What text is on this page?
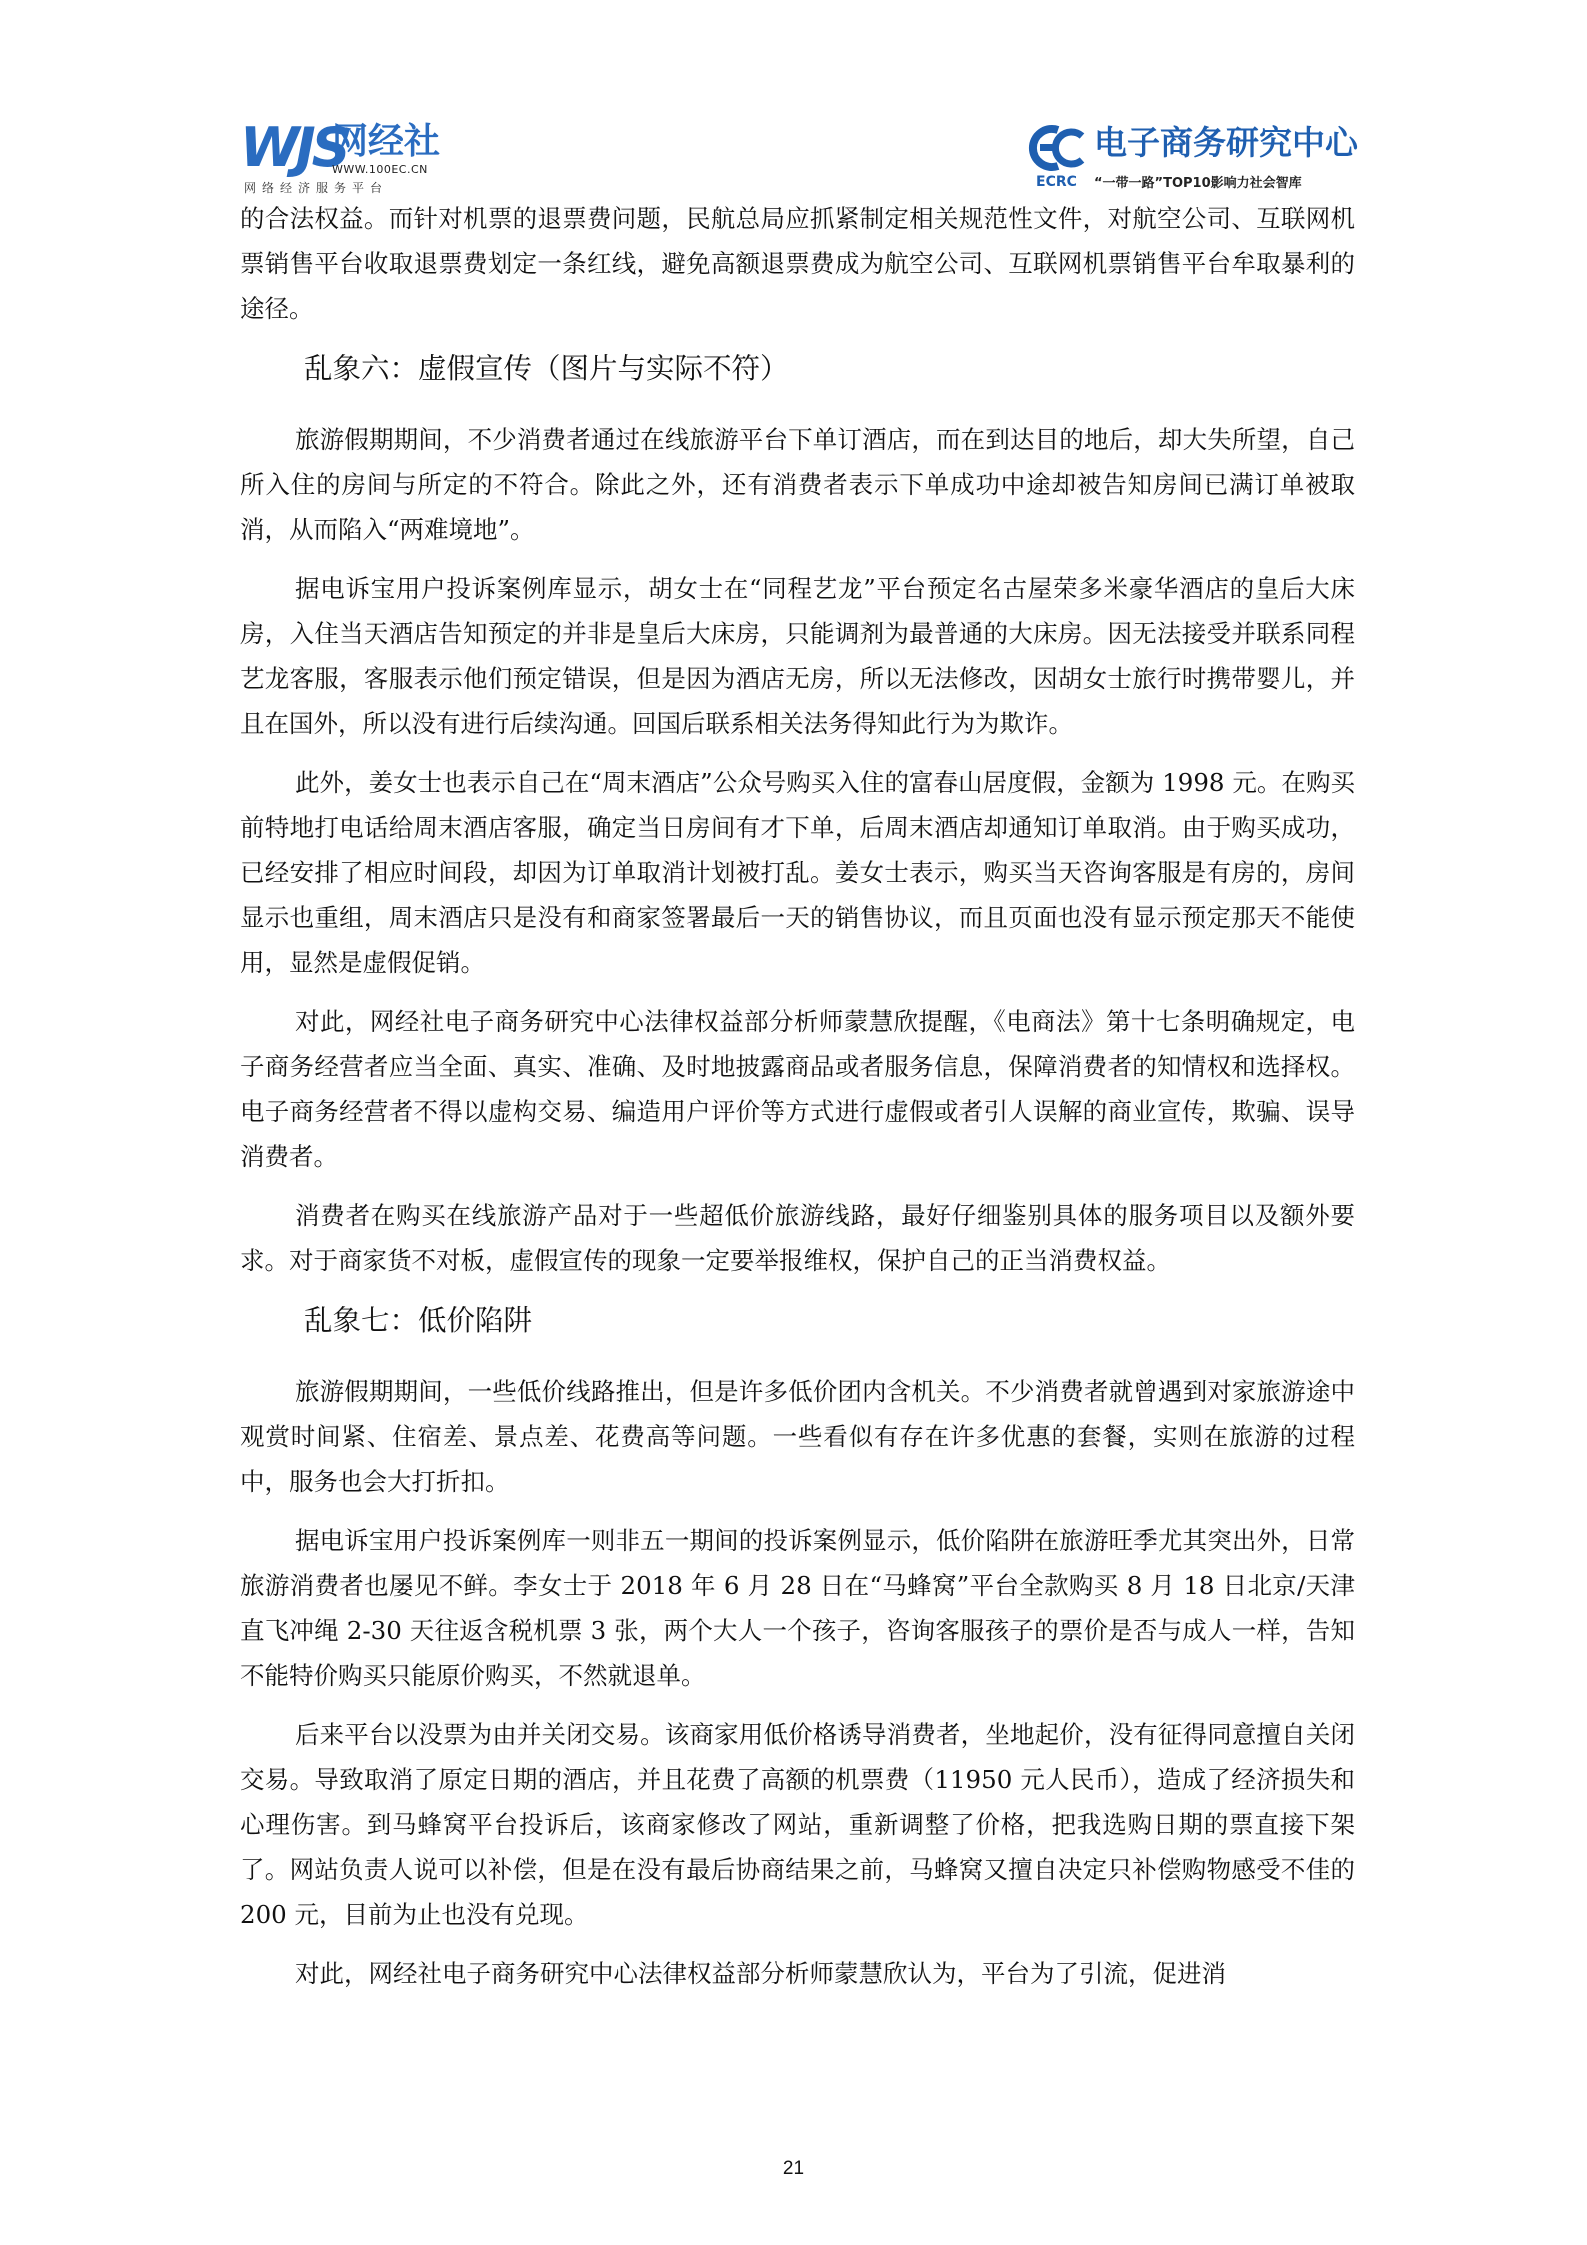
WJS
网经社
WWW.100EC.CN
网络经济服务平台
电子商务研究中心
ECRC “一带一路”TOP10影响力社会智库

的合法权益。而针对机票的退票费问题，民航总局应抓紧制定相关规范性文件，对航空公司、互联网机票销售平台收取退票费划定一条红线，避免高额退票费成为航空公司、互联网机票销售平台牟取暴利的途径。

乱象六：虚假宣传（图片与实际不符）

旅游假期期间，不少消费者通过在线旅游平台下单订酒店，而在到达目的地后，却大失所望，自己所入住的房间与所定的不符合。除此之外，还有消费者表示下单成功中途却被告知房间已满订单被取消，从而陷入“两难境地”。

据电诉宝用户投诉案例库显示，胡女士在“同程艺龙”平台预定名古屋荣多米豪华酒店的皇后大床房，入住当天酒店告知预定的并非是皇后大床房，只能调剂为最普通的大床房。因无法接受并联系同程艺龙客服，客服表示他们预定错误，但是因为酒店无房，所以无法修改，因胡女士旅行时携带婴儿，并且在国外，所以没有进行后续沟通。回国后联系相关法务得知此行为为欺诈。

此外，姜女士也表示自己在“周末酒店”公众号购买入住的富春山居度假，金额为 1998 元。在购买前特地打电话给周末酒店客服，确定当日房间有才下单，后周末酒店却通知订单取消。由于购买成功，已经安排了相应时间段，却因为订单取消计划被打乱。姜女士表示，购买当天咨询客服是有房的，房间显示也重组，周末酒店只是没有和商家签署最后一天的销售协议，而且页面也没有显示预定那天不能使用，显然是虚假促销。

对此，网经社电子商务研究中心法律权益部分析师蒙慧欣提醒，《电商法》第十七条明确规定，电子商务经营者应当全面、真实、准确、及时地披露商品或者服务信息，保障消费者的知情权和选择权。电子商务经营者不得以虚构交易、编造用户评价等方式进行虚假或者引人误解的商业宣传，欺骗、误导消费者。

消费者在购买在线旅游产品对于一些超低价旅游线路，最好仔细鉴别具体的服务项目以及额外要求。对于商家货不对板，虚假宣传的现象一定要举报维权，保护自己的正当消费权益。

乱象七：低价陷阱

旅游假期期间，一些低价线路推出，但是许多低价团内含机关。不少消费者就曾遇到对家旅游途中观赏时间紧、住宿差、景点差、花费高等问题。一些看似有存在许多优惠的套餐，实则在旅游的过程中，服务也会大打折扣。

据电诉宝用户投诉案例库一则非五一期间的投诉案例显示，低价陷阱在旅游旺季尤其突出外，日常旅游消费者也屡见不鲜。李女士于 2018 年 6 月 28 日在“马蜂窝”平台全款购买 8 月 18 日北京/天津直飞冲绳 2-30 天往返含税机票 3 张，两个大人一个孩子，咨询客服孩子的票价是否与成人一样，告知不能特价购买只能原价购买，不然就退单。

后来平台以没票为由并关闭交易。该商家用低价格诱导消费者，坐地起价，没有征得同意擅自关闭交易。导致取消了原定日期的酒店，并且花费了高额的机票费（11950 元人民币），造成了经济损失和心理伤害。到马蜂窝平台投诉后，该商家修改了网站，重新调整了价格，把我选购日期的票直接下架了。网站负责人说可以补偿，但是在没有最后协商结果之前，马蜂窝又擅自决定只补偿购物感受不佳的 200 元，目前为止也没有兑现。

对此，网经社电子商务研究中心法律权益部分析师蒙慧欣认为，平台为了引流，促进消

21
